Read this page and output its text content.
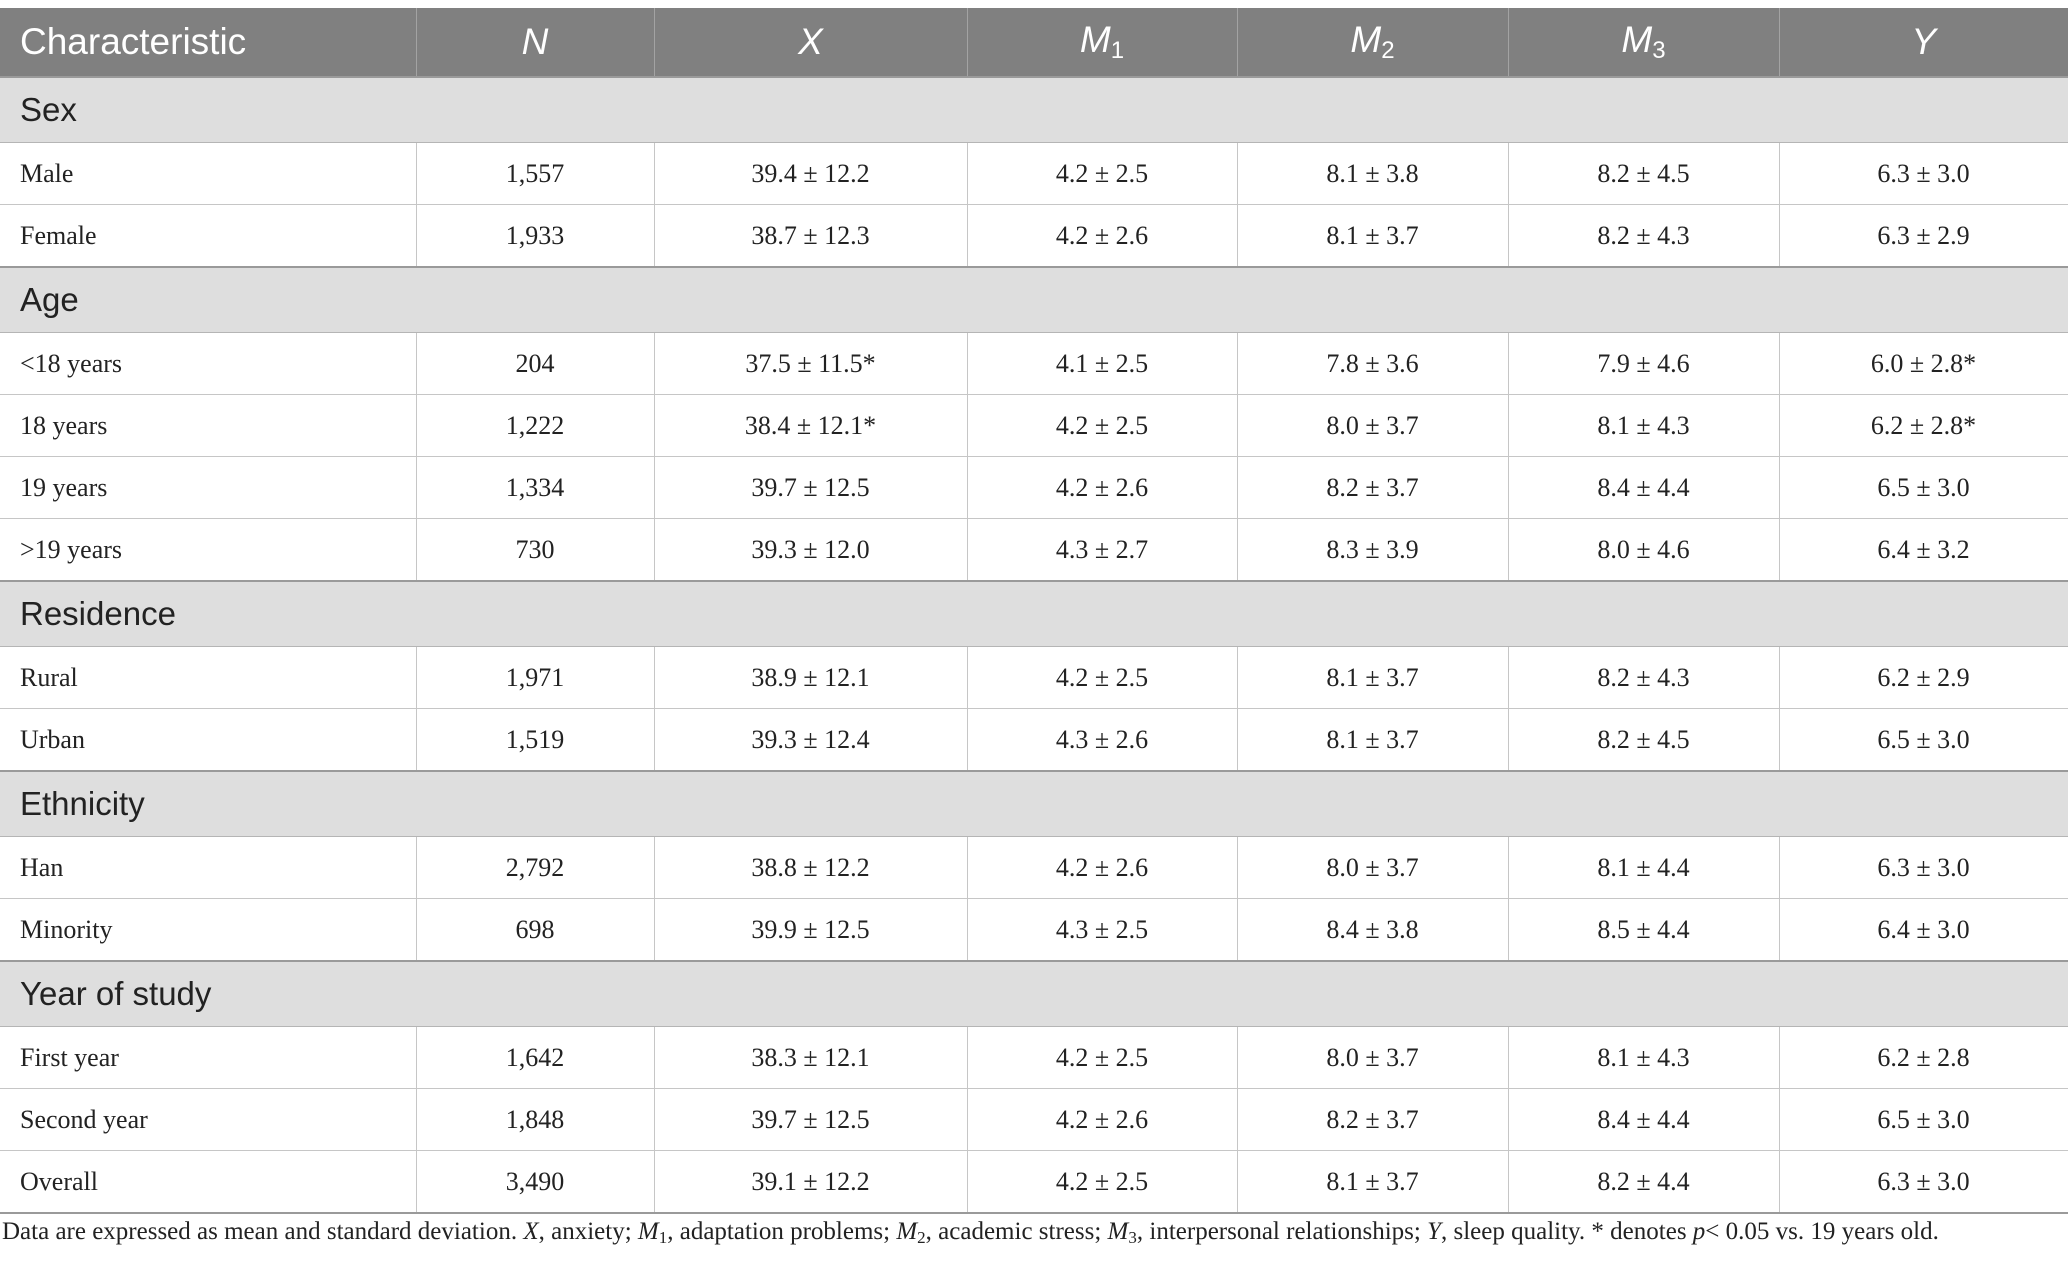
Characteristic	N	X	$M_1$	$M_2$	$M_3$	Y
Sex						
Male	1,557	39.4 ± 12.2	4.2 ± 2.5	8.1 ± 3.8	8.2 ± 4.5	6.3 ± 3.0
Female	1,933	38.7 ± 12.3	4.2 ± 2.6	8.1 ± 3.7	8.2 ± 4.3	6.3 ± 2.9
Age						
<18 years	204	37.5 ± 11.5*	4.1 ± 2.5	7.8 ± 3.6	7.9 ± 4.6	6.0 ± 2.8*
18 years	1,222	38.4 ± 12.1*	4.2 ± 2.5	8.0 ± 3.7	8.1 ± 4.3	6.2 ± 2.8*
19 years	1,334	39.7 ± 12.5	4.2 ± 2.6	8.2 ± 3.7	8.4 ± 4.4	6.5 ± 3.0
>19 years	730	39.3 ± 12.0	4.3 ± 2.7	8.3 ± 3.9	8.0 ± 4.6	6.4 ± 3.2
Residence						
Rural	1,971	38.9 ± 12.1	4.2 ± 2.5	8.1 ± 3.7	8.2 ± 4.3	6.2 ± 2.9
Urban	1,519	39.3 ± 12.4	4.3 ± 2.6	8.1 ± 3.7	8.2 ± 4.5	6.5 ± 3.0
Ethnicity						
Han	2,792	38.8 ± 12.2	4.2 ± 2.6	8.0 ± 3.7	8.1 ± 4.4	6.3 ± 3.0
Minority	698	39.9 ± 12.5	4.3 ± 2.5	8.4 ± 3.8	8.5 ± 4.4	6.4 ± 3.0
Year of study						
First year	1,642	38.3 ± 12.1	4.2 ± 2.5	8.0 ± 3.7	8.1 ± 4.3	6.2 ± 2.8
Second year	1,848	39.7 ± 12.5	4.2 ± 2.6	8.2 ± 3.7	8.4 ± 4.4	6.5 ± 3.0
Overall	3,490	39.1 ± 12.2	4.2 ± 2.5	8.1 ± 3.7	8.2 ± 4.4	6.3 ± 3.0
Data are expressed as mean and standard deviation. X, anxiety; $M_1$, adaptation problems; $M_2$, academic stress; $M_3$, interpersonal relationships; Y, sleep quality. * denotes p< 0.05 vs. 19 years old.
